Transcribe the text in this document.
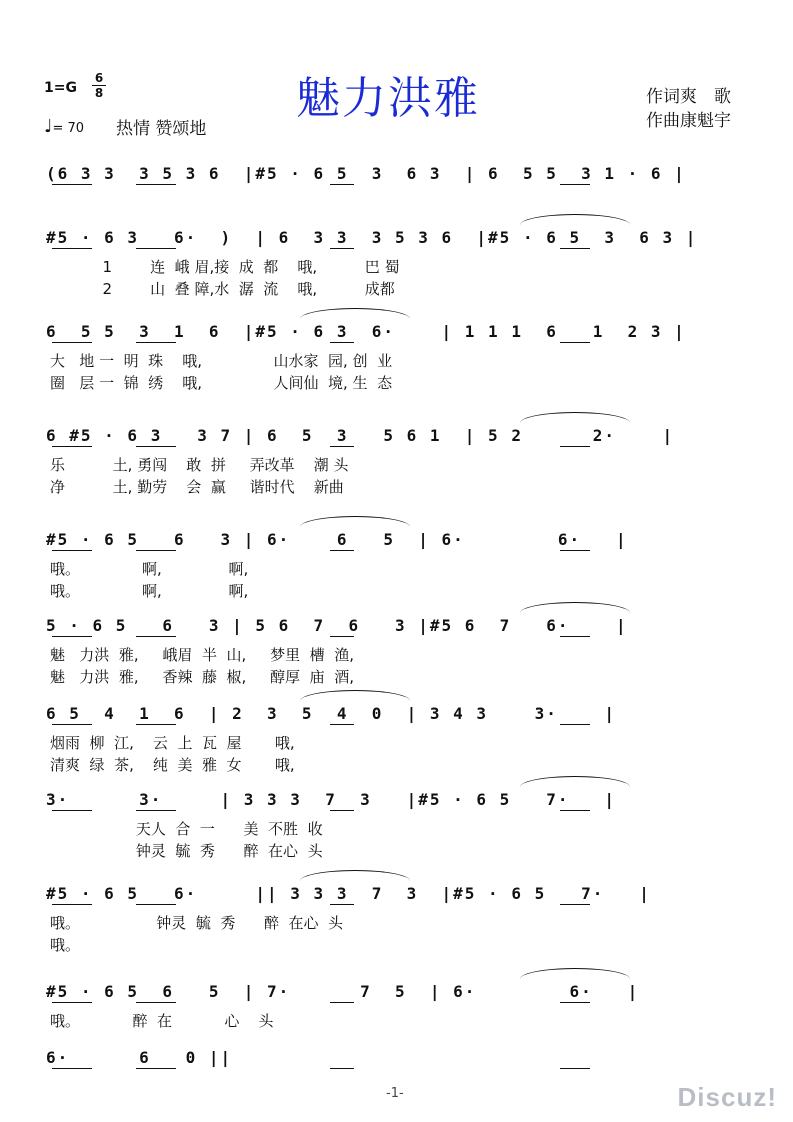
魅力洪雅
1=G
6
8
♩= 70 热情 赞颂地
作词爽　歌
作曲康魁宇
(6 3 3  3 5 3 6  |#5 · 6 5  3  6 3  | 6  5 5  3 1 · 6 |
#5 · 6 3   6·  )  | 6  3 3  3 5 3 6  |#5 · 6 5  3  6 3 |
1        连  峨 眉,接  成  都    哦,          巴 蜀
2        山  叠 障,水  潺  流    哦,          成都
6  5 5  3  1  6  |#5 · 6 3  6·    | 1 1 1  6   1  2 3 |
大   地 一  明  珠    哦,               山水家  园, 创  业
圈   层 一  锦  绣    哦,               人间仙  境, 生  态
6 #5 · 6 3   3 7 | 6  5  3   5 6 1  | 5 2      2·    |
乐          土, 勇闯    敢  拼     弄改革    潮 头
净          土, 勤劳    会  赢     谐时代    新曲
#5 · 6 5   6   3 | 6·    6   5  | 6·        6·   |
哦。             啊,              啊,
哦。             啊,              啊,
5 · 6 5   6   3 | 5 6  7  6   3 |#5 6  7   6·    |
魅   力洪  雅,     峨眉  半  山,     梦里  槽  渔,
魅   力洪  雅,     香辣  藤  椒,     醇厚  庙  酒,
6 5  4  1  6  | 2  3  5  4  0  | 3 4 3    3·    |
烟雨  柳  江,    云  上  瓦  屋       哦,
清爽  绿  茶,    纯  美  雅  女       哦,
3·      3·     | 3 3 3  7  3   |#5 · 6 5   7·   |
天人  合  一      美  不胜  收
钟灵  毓  秀      醉  在心  头
#5 · 6 5   6·     || 3 3 3  7  3  |#5 · 6 5   7·   |
哦。                钟灵  毓  秀      醉  在心  头
哦。
#5 · 6 5  6   5  | 7·      7  5  | 6·        6·   |
哦。           醉  在           心    头
6·      6   0 ||
-1-	Discuz!
